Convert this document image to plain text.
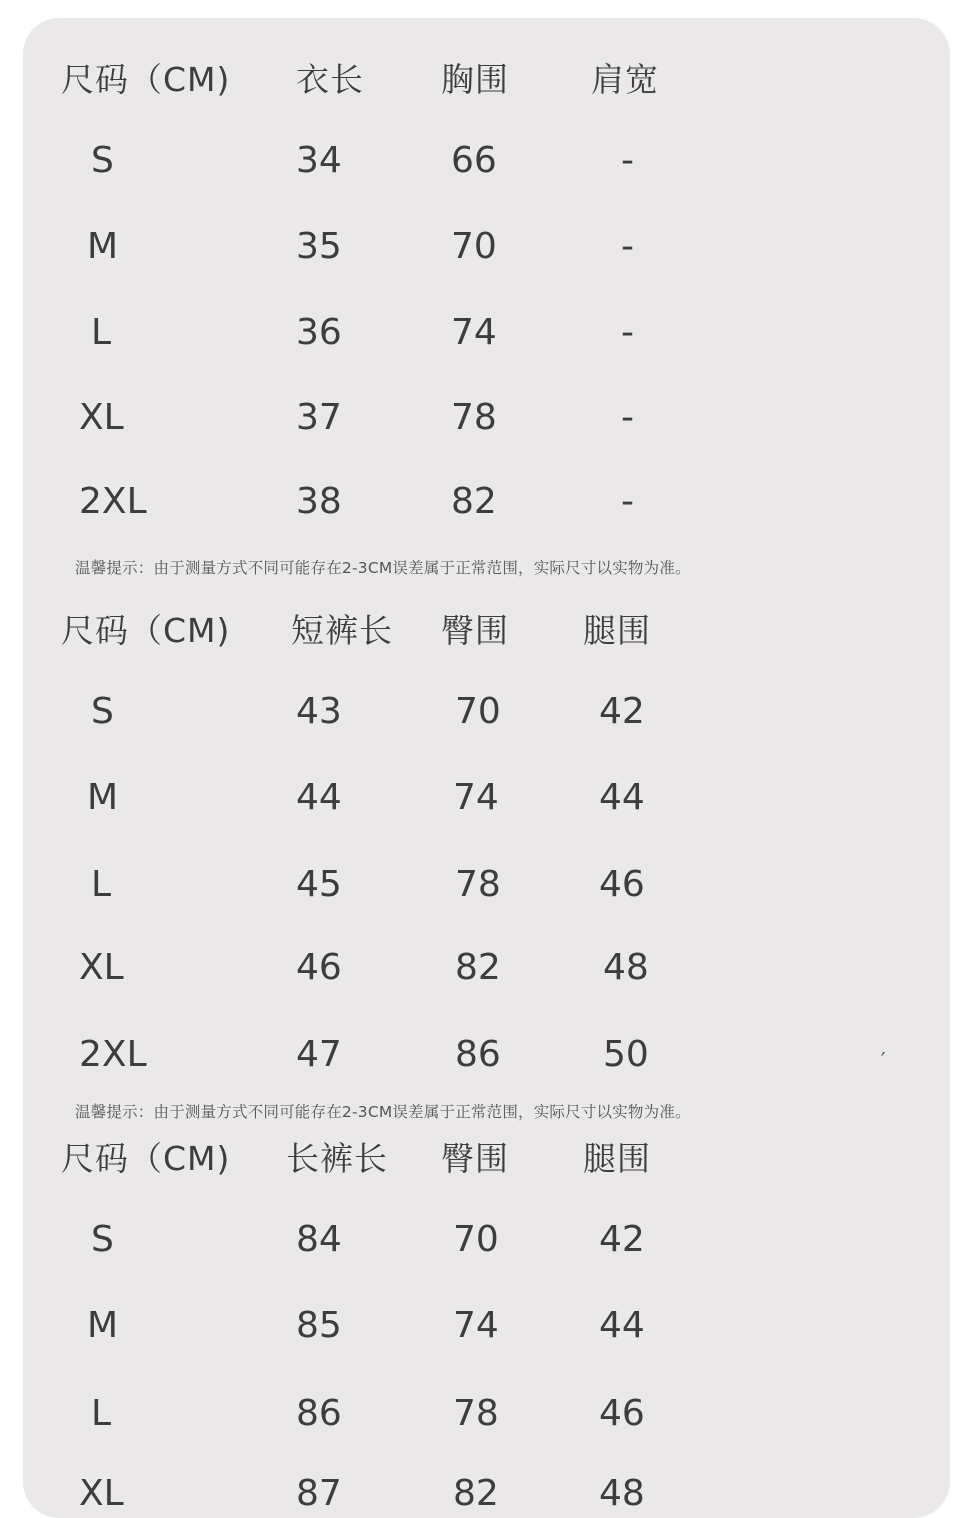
尺码（CM) 衣长 胸围 肩宽
S	34	66	-
M	35	70	-
L	36	74	-
XL	37	78	-
2XL	38	82	-
温馨提示：由于测量方式不同可能存在2-3CM误差属于正常范围，实际尺寸以实物为准。
尺码（CM) 短裤长 臀围 腿围
S	43	70	42
M	44	74	44
L	45	78	46
XL	46	82	48
2XL	47	86	50
温馨提示：由于测量方式不同可能存在2-3CM误差属于正常范围，实际尺寸以实物为准。
′
尺码（CM) 长裤长 臀围 腿围
S	84	70	42
M	85	74	44
L	86	78	46
XL	87	82	48
